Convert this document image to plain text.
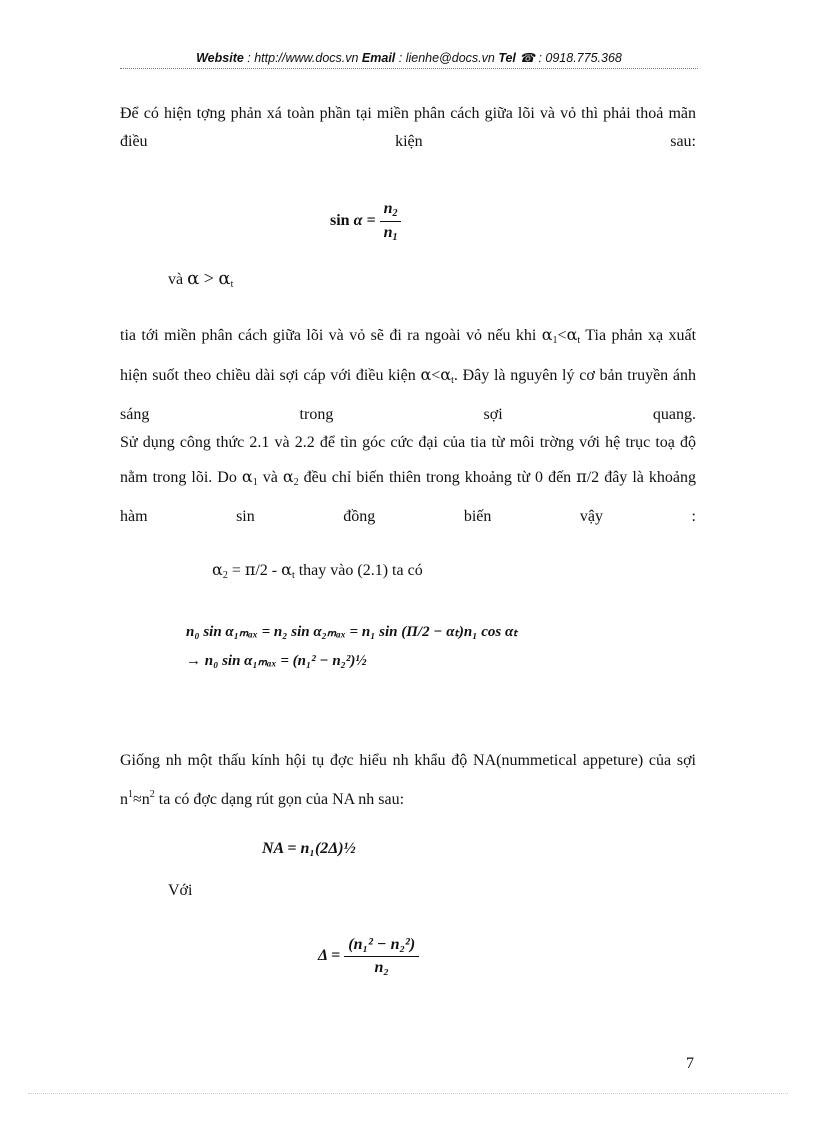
Website : http://www.docs.vn Email : lienhe@docs.vn Tel ☎ : 0918.775.368
Để có hiện tợng phản xá toàn phần tại miền phân cách giữa lõi và vỏ thì phải thoả mãn điều kiện sau:
$\sin \alpha = \frac{n_2}{n_1}$
và $\alpha > \alpha_t$
tia tới miền phân cách giữa lõi và vỏ sẽ đi ra ngoài vỏ nếu khi $\alpha_1<\alpha_t$ Tia phản xạ xuất hiện suốt theo chiều dài sợi cáp với điều kiện $\alpha<\alpha_t$. Đây là nguyên lý cơ bản truyền ánh sáng trong sợi quang.
Sử dụng công thức 2.1 và 2.2 để tìn góc cức đại của tia từ môi trờng với hệ trục toạ độ nằm trong lõi. Do $\alpha_1$ và $\alpha_2$ đều chỉ biến thiên trong khoảng từ 0 đến π/2 đây là khoảng hàm sin đồng biến vậy :
$\alpha_2 = \pi/2 - \alpha_t$ thay vào (2.1) ta có
n₀ sin α₁ₘₐₓ = n₂ sin α₂ₘₐₓ = n₁ sin (Π/2 − αₜ)n₁ cos αₜ
→ n₀ sin α₁ₘₐₓ = (n₁² − n₂²)½
Giống nh một thấu kính hội tụ đợc hiểu nh khẩu độ NA(nummetical appeture) của sợi $n^1\approx n^2$ ta có đợc dạng rút gọn của NA nh sau:
NA = n₁(2Δ)½
Với
$\Delta = \frac{\text{(n₁² − n₂²)}}{\text{n₂}}$
7
